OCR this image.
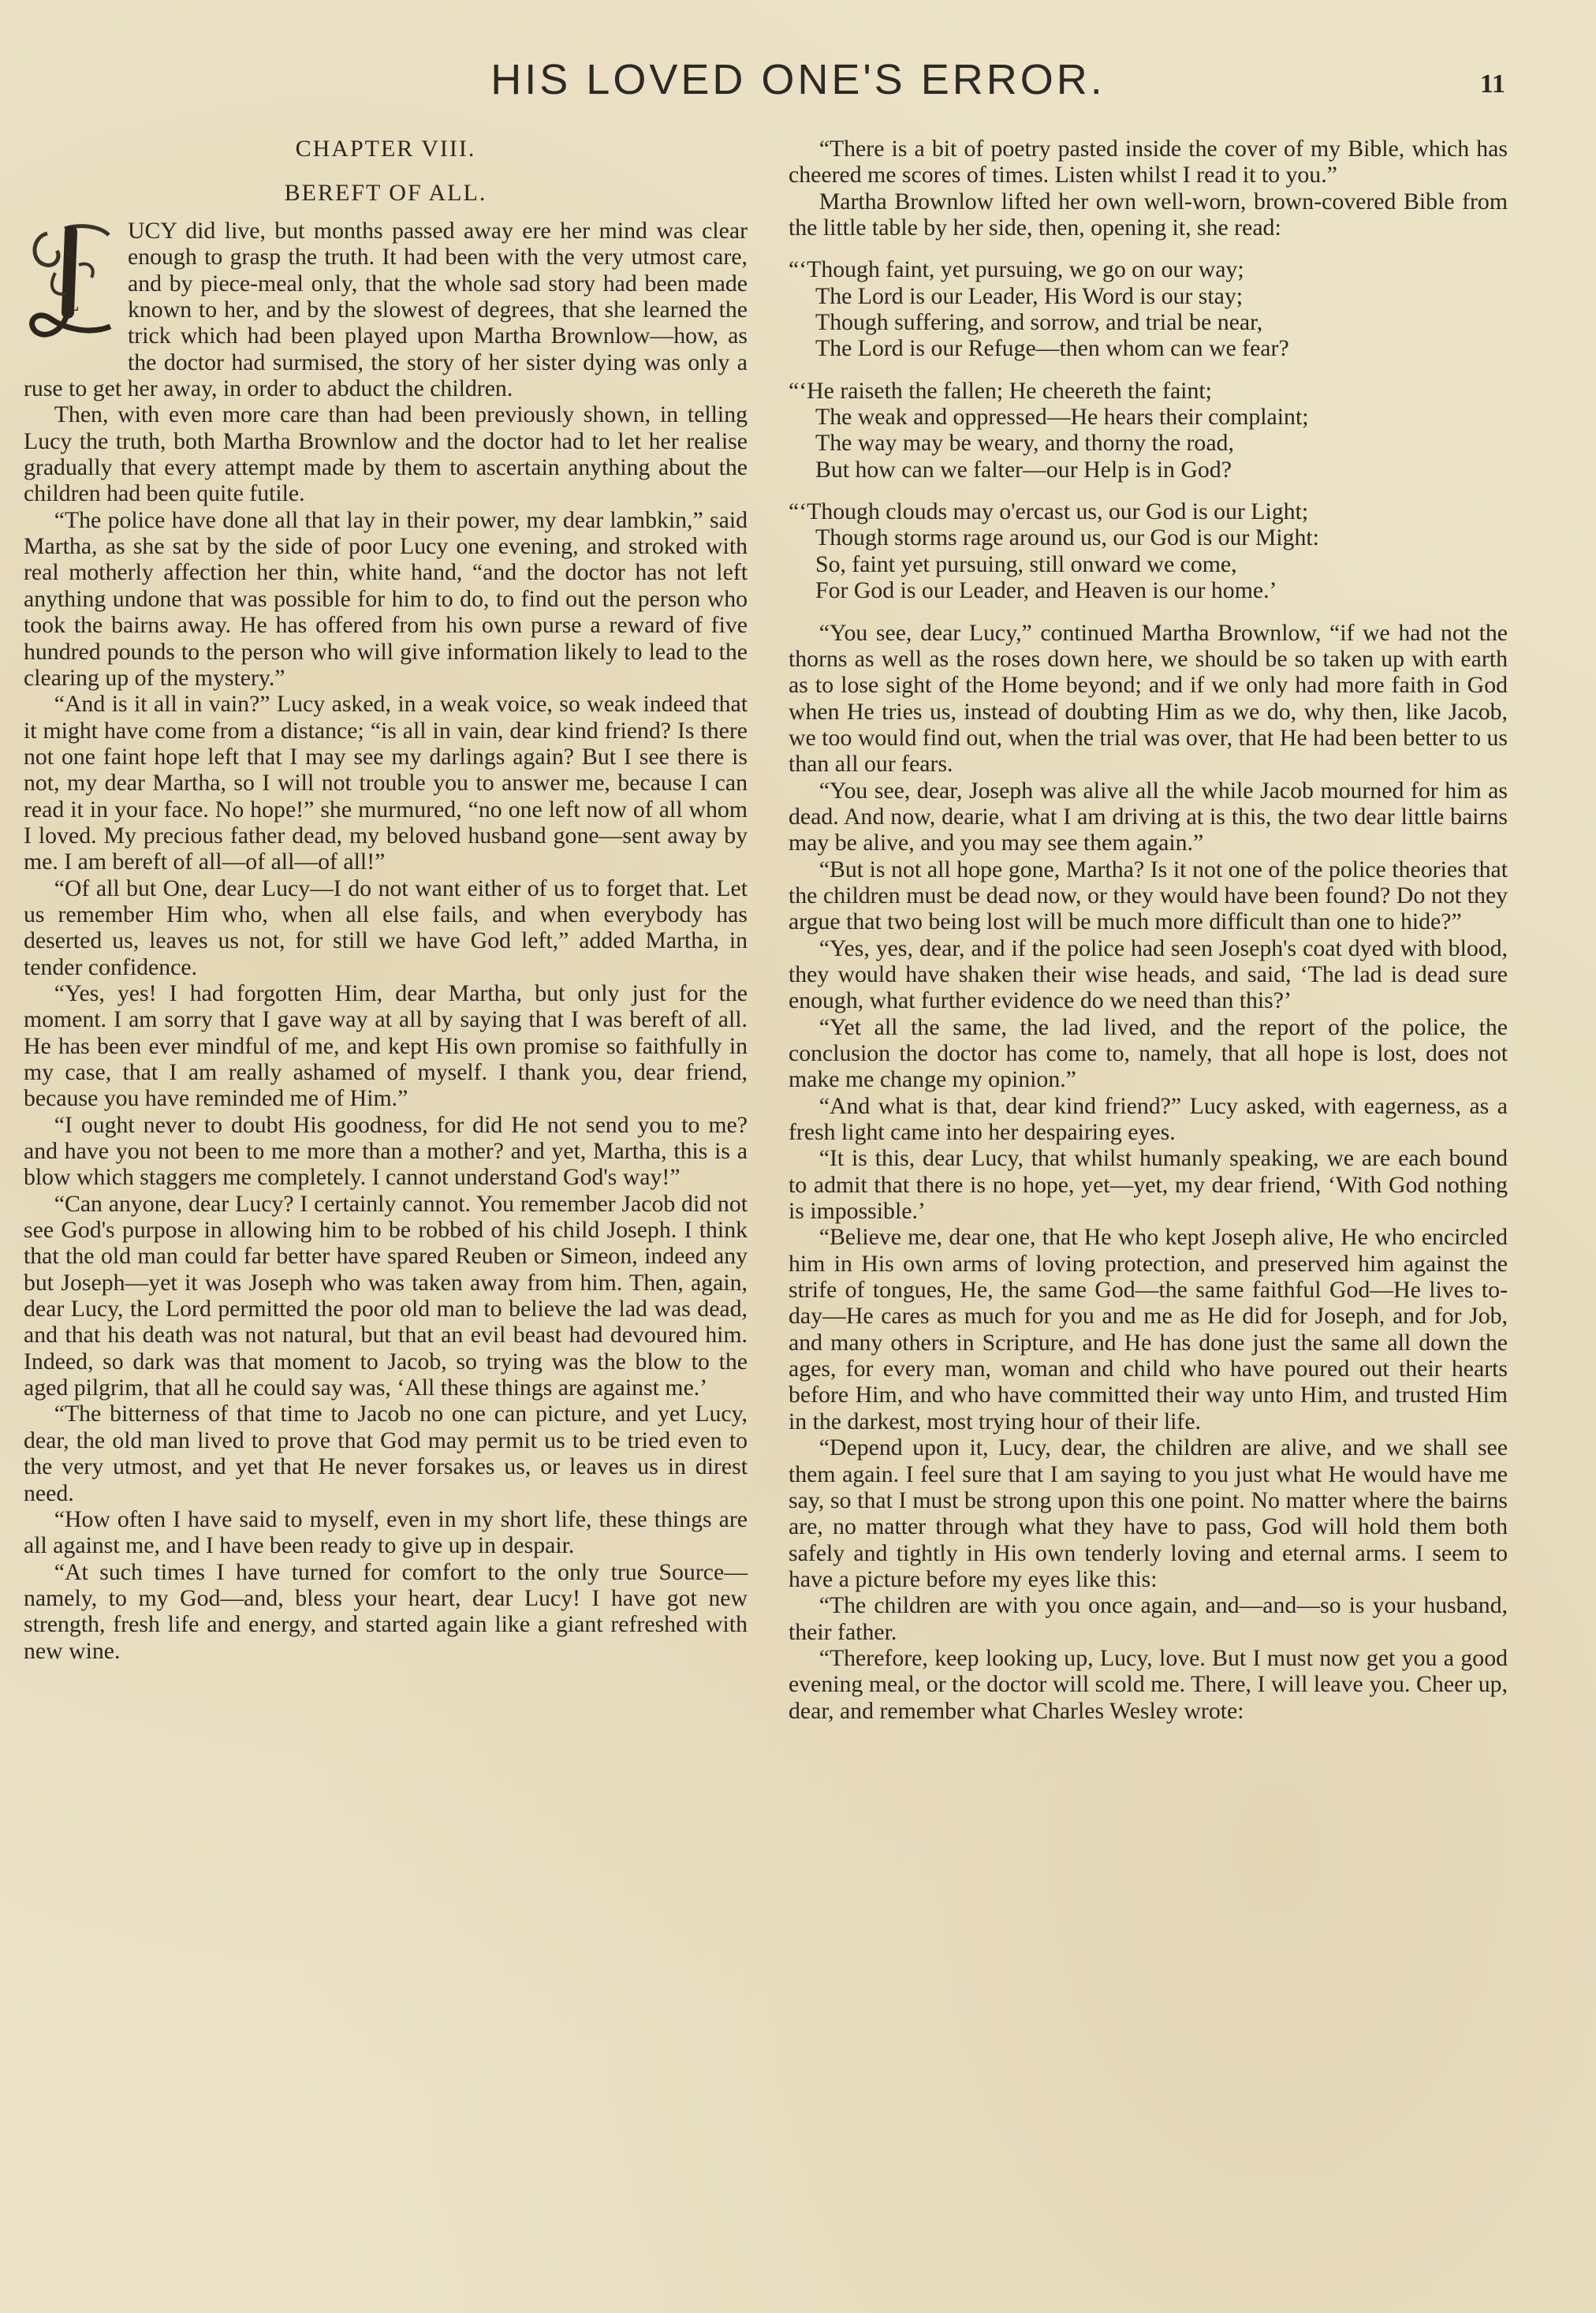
HIS LOVED ONE'S ERROR.	11
CHAPTER VIII.
BEREFT OF ALL.
L

UCY did live, but months passed away ere her mind was clear enough to grasp the truth. It had been with the very utmost care, and by piece-meal only, that the whole sad story had been made known to her, and by the slowest of degrees, that she learned the trick which had been played upon Martha Brownlow—how, as the doctor had surmised, the story of her sister dying was only a ruse to get her away, in order to abduct the children.

Then, with even more care than had been previously shown, in telling Lucy the truth, both Martha Brownlow and the doctor had to let her realise gradually that every attempt made by them to ascertain anything about the children had been quite futile.

“The police have done all that lay in their power, my dear lambkin,” said Martha, as she sat by the side of poor Lucy one evening, and stroked with real motherly affection her thin, white hand, “and the doctor has not left anything undone that was possible for him to do, to find out the person who took the bairns away. He has offered from his own purse a reward of five hundred pounds to the person who will give information likely to lead to the clearing up of the mystery.”

“And is it all in vain?” Lucy asked, in a weak voice, so weak indeed that it might have come from a distance; “is all in vain, dear kind friend? Is there not one faint hope left that I may see my darlings again? But I see there is not, my dear Martha, so I will not trouble you to answer me, because I can read it in your face. No hope!” she murmured, “no one left now of all whom I loved. My precious father dead, my beloved husband gone—sent away by me. I am bereft of all—of all—of all!”

“Of all but One, dear Lucy—I do not want either of us to forget that. Let us remember Him who, when all else fails, and when everybody has deserted us, leaves us not, for still we have God left,” added Martha, in tender confidence.

“Yes, yes! I had forgotten Him, dear Martha, but only just for the moment. I am sorry that I gave way at all by saying that I was bereft of all. He has been ever mindful of me, and kept His own promise so faithfully in my case, that I am really ashamed of myself. I thank you, dear friend, because you have reminded me of Him.”

“I ought never to doubt His goodness, for did He not send you to me? and have you not been to me more than a mother? and yet, Martha, this is a blow which staggers me completely. I cannot understand God's way!”

“Can anyone, dear Lucy? I certainly cannot. You remember Jacob did not see God's purpose in allowing him to be robbed of his child Joseph. I think that the old man could far better have spared Reuben or Simeon, indeed any but Joseph—yet it was Joseph who was taken away from him. Then, again, dear Lucy, the Lord permitted the poor old man to believe the lad was dead, and that his death was not natural, but that an evil beast had devoured him. Indeed, so dark was that moment to Jacob, so trying was the blow to the aged pilgrim, that all he could say was, ‘All these things are against me.’

“The bitterness of that time to Jacob no one can picture, and yet Lucy, dear, the old man lived to prove that God may permit us to be tried even to the very utmost, and yet that He never forsakes us, or leaves us in direst need.

“How often I have said to myself, even in my short life, these things are all against me, and I have been ready to give up in despair.

“At such times I have turned for comfort to the only true Source—namely, to my God—and, bless your heart, dear Lucy! I have got new strength, fresh life and energy, and started again like a giant refreshed with new wine.

“There is a bit of poetry pasted inside the cover of my Bible, which has cheered me scores of times. Listen whilst I read it to you.”

Martha Brownlow lifted her own well-worn, brown-covered Bible from the little table by her side, then, opening it, she read:

“‘Though faint, yet pursuing, we go on our way;
The Lord is our Leader, His Word is our stay;
Though suffering, and sorrow, and trial be near,
The Lord is our Refuge—then whom can we fear?
“‘He raiseth the fallen; He cheereth the faint;
The weak and oppressed—He hears their complaint;
The way may be weary, and thorny the road,
But how can we falter—our Help is in God?
“‘Though clouds may o'ercast us, our God is our Light;
Though storms rage around us, our God is our Might:
So, faint yet pursuing, still onward we come,
For God is our Leader, and Heaven is our home.’

“You see, dear Lucy,” continued Martha Brownlow, “if we had not the thorns as well as the roses down here, we should be so taken up with earth as to lose sight of the Home beyond; and if we only had more faith in God when He tries us, instead of doubting Him as we do, why then, like Jacob, we too would find out, when the trial was over, that He had been better to us than all our fears.

“You see, dear, Joseph was alive all the while Jacob mourned for him as dead. And now, dearie, what I am driving at is this, the two dear little bairns may be alive, and you may see them again.”

“But is not all hope gone, Martha? Is it not one of the police theories that the children must be dead now, or they would have been found? Do not they argue that two being lost will be much more difficult than one to hide?”

“Yes, yes, dear, and if the police had seen Joseph's coat dyed with blood, they would have shaken their wise heads, and said, ‘The lad is dead sure enough, what further evidence do we need than this?’

“Yet all the same, the lad lived, and the report of the police, the conclusion the doctor has come to, namely, that all hope is lost, does not make me change my opinion.”

“And what is that, dear kind friend?” Lucy asked, with eagerness, as a fresh light came into her despairing eyes.

“It is this, dear Lucy, that whilst humanly speaking, we are each bound to admit that there is no hope, yet—yet, my dear friend, ‘With God nothing is impossible.’

“Believe me, dear one, that He who kept Joseph alive, He who encircled him in His own arms of loving protection, and preserved him against the strife of tongues, He, the same God—the same faithful God—He lives to-day—He cares as much for you and me as He did for Joseph, and for Job, and many others in Scripture, and He has done just the same all down the ages, for every man, woman and child who have poured out their hearts before Him, and who have committed their way unto Him, and trusted Him in the darkest, most trying hour of their life.

“Depend upon it, Lucy, dear, the children are alive, and we shall see them again. I feel sure that I am saying to you just what He would have me say, so that I must be strong upon this one point. No matter where the bairns are, no matter through what they have to pass, God will hold them both safely and tightly in His own tenderly loving and eternal arms. I seem to have a picture before my eyes like this:

“The children are with you once again, and—and—so is your husband, their father.

“Therefore, keep looking up, Lucy, love. But I must now get you a good evening meal, or the doctor will scold me. There, I will leave you. Cheer up, dear, and remember what Charles Wesley wrote:
